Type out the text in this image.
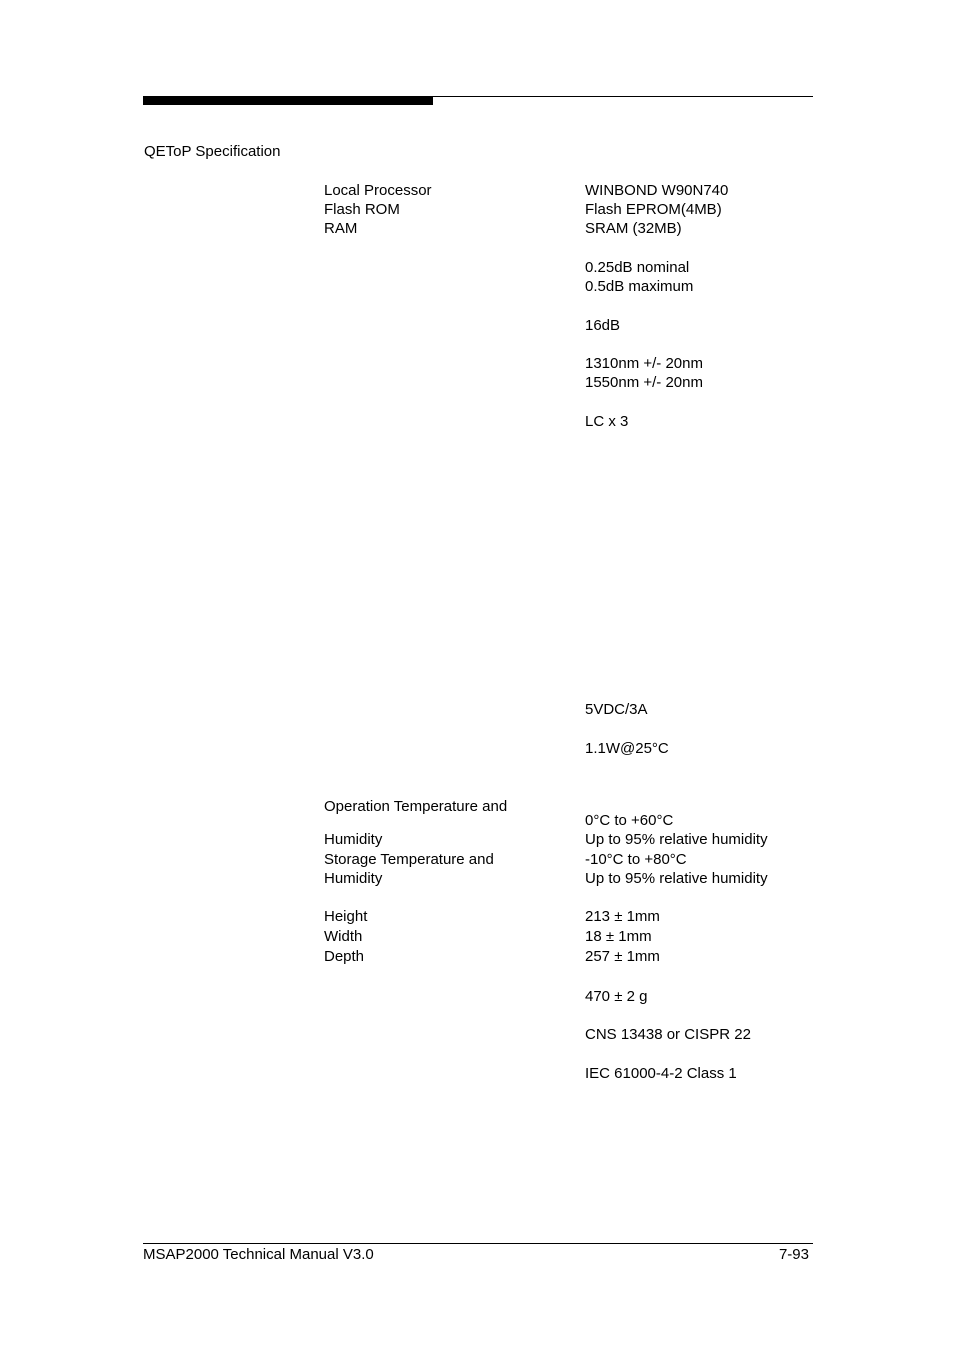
QEToP Specification
Local Processor
Flash ROM
RAM
Operation Temperature and
Humidity
Storage Temperature and
Humidity
Height
Width
Depth
WINBOND W90N740
Flash EPROM(4MB)
SRAM (32MB)
0.25dB nominal
0.5dB maximum
16dB
1310nm +/- 20nm
1550nm +/- 20nm
LC x 3
5VDC/3A
1.1W@25°C
0°C to +60°C
Up to 95% relative humidity
-10°C to +80°C
Up to 95% relative humidity
213 ± 1mm
18 ± 1mm
257 ± 1mm
470 ± 2 g
CNS 13438 or CISPR 22
IEC 61000-4-2 Class 1
MSAP2000 Technical Manual V3.0	7-93
